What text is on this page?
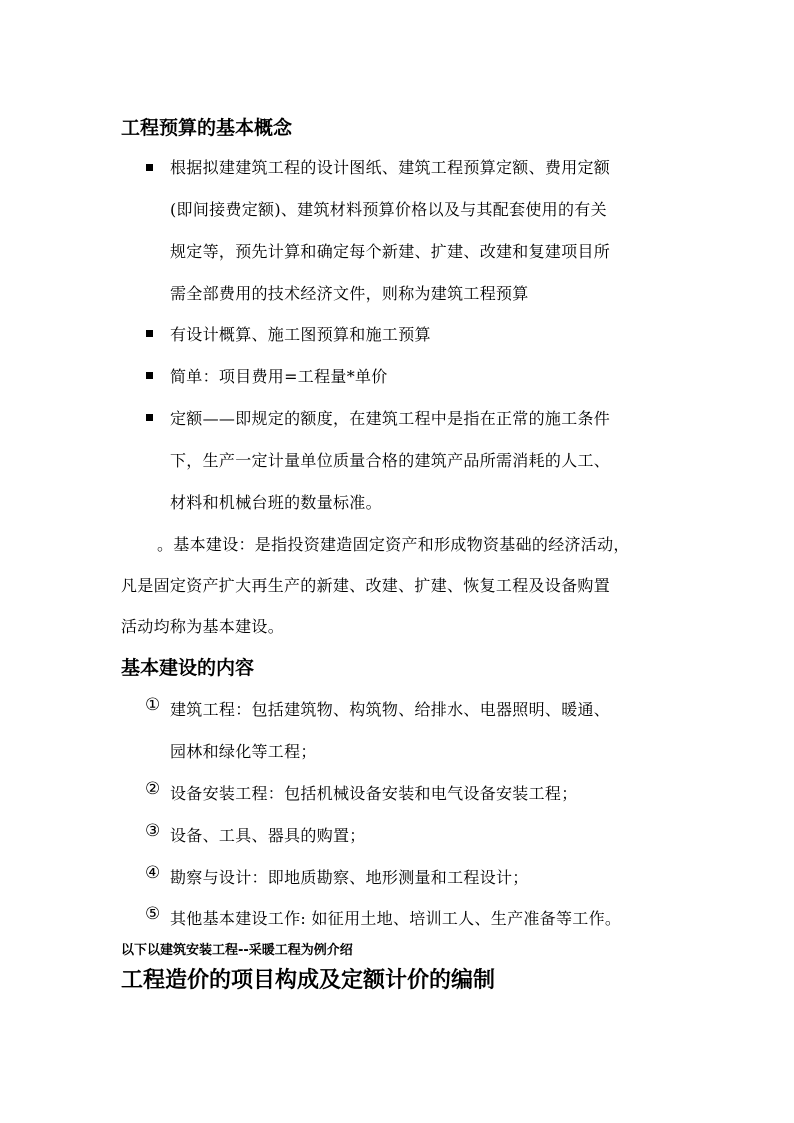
工程预算的基本概念
根据拟建建筑工程的设计图纸、建筑工程预算定额、费用定额
(即间接费定额)、建筑材料预算价格以及与其配套使用的有关
规定等，预先计算和确定每个新建、扩建、改建和复建项目所
需全部费用的技术经济文件，则称为建筑工程预算
有设计概算、施工图预算和施工预算
简单：项目费用=工程量*单价
定额——即规定的额度，在建筑工程中是指在正常的施工条件
下，生产一定计量单位质量合格的建筑产品所需消耗的人工、
材料和机械台班的数量标准。
。基本建设：是指投资建造固定资产和形成物资基础的经济活动，
凡是固定资产扩大再生产的新建、改建、扩建、恢复工程及设备购置
活动均称为基本建设。
基本建设的内容
① 建筑工程：包括建筑物、构筑物、给排水、电器照明、暖通、
园林和绿化等工程；
② 设备安装工程：包括机械设备安装和电气设备安装工程；
③ 设备、工具、器具的购置；
④ 勘察与设计：即地质勘察、地形测量和工程设计；
⑤ 其他基本建设工作: 如征用土地、培训工人、生产准备等工作。
以下以建筑安装工程--采暖工程为例介绍
工程造价的项目构成及定额计价的编制
